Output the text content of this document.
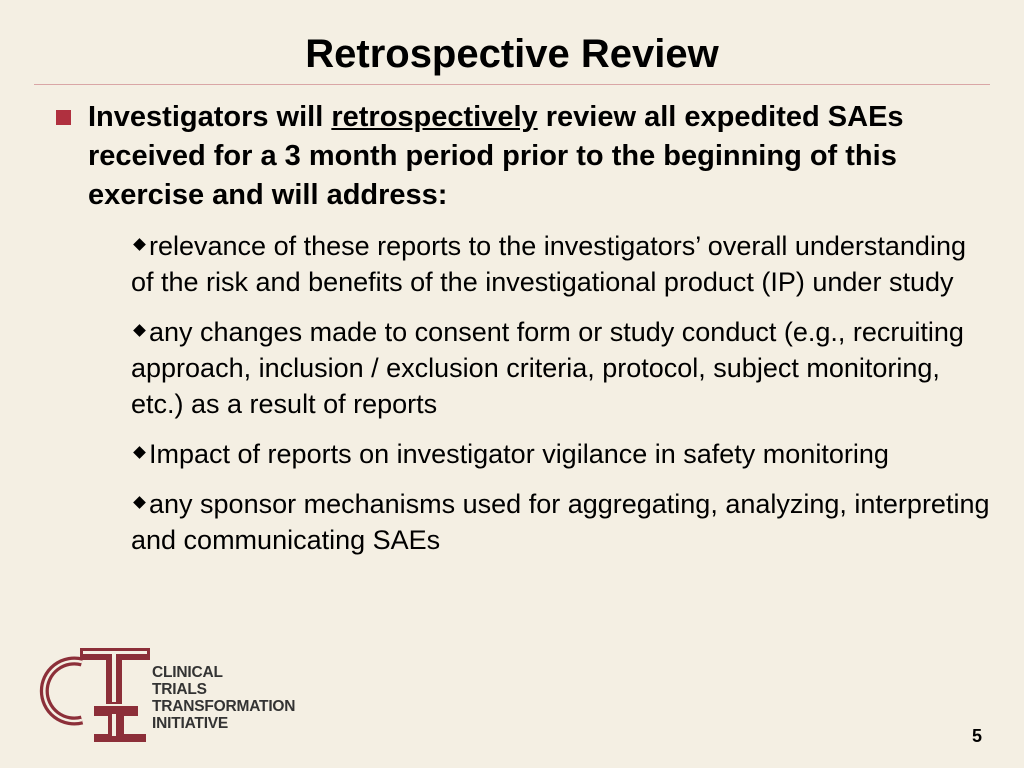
Retrospective Review
Investigators will retrospectively review all expedited SAEs received for a 3 month period prior to the beginning of this exercise and will address:

relevance of these reports to the investigators’ overall understanding of the risk and benefits of the investigational product (IP) under study

any changes made to consent form or study conduct (e.g., recruiting approach, inclusion / exclusion criteria, protocol, subject monitoring, etc.) as a result of reports

Impact of reports on investigator vigilance in safety monitoring

any sponsor mechanisms used for aggregating, analyzing, interpreting and communicating SAEs

CLINICAL
TRIALS
TRANSFORMATION
INITIATIVE
5
